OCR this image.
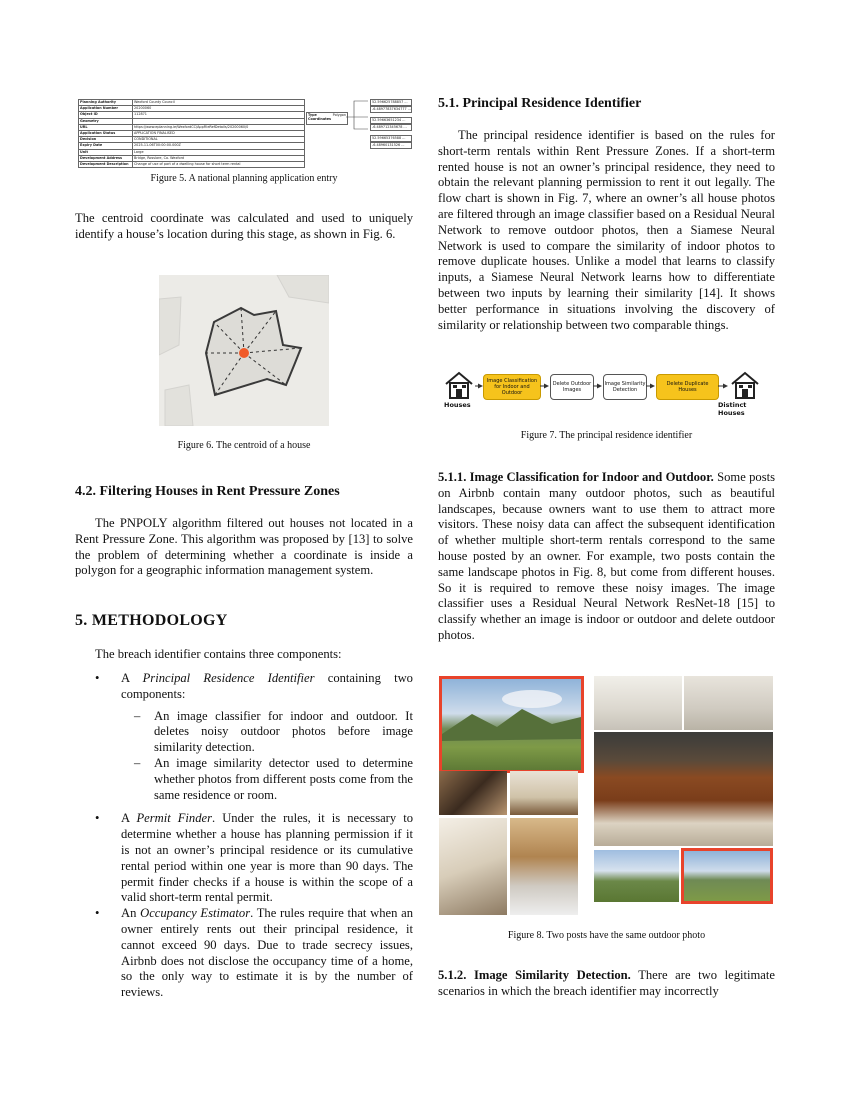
Planning Authority	Wexford County Council
Application Number	20200060
Object ID	112871
Geometry
URL	https://www.eplanning.ie/WexfordCC/AppFileRefDetails/20200060/0
Application Status	APPLICATION FINALISED
Decision	CONDITIONAL
Expiry Date	2025-11-06T00:00:00.000Z
Unit	Large
Development Address	Bridge, Rosslare, Co. Wexford
Development Description	Change of use of part of a dwelling house for short term rental
Type	Polygon
Coordinates
52.596625788857 ...
-6.48977837634777 ...
52.59663651234 ...
-6.489712345678 ...
52.59665376588 ...
-6.48960131526 ...
Figure 5. A national planning application entry

The centroid coordinate was calculated and used to uniquely identify a house’s location during this stage, as shown in Fig. 6.

Figure 6. The centroid of a house
4.2. Filtering Houses in Rent Pressure Zones

The PNPOLY algorithm filtered out houses not located in a Rent Pressure Zone. This algorithm was proposed by [13] to solve the problem of determining whether a coordinate is inside a polygon for a geographic information management system.

5. METHODOLOGY

The breach identifier contains three components:

• A Principal Residence Identifier containing two components:
– An image classifier for indoor and outdoor. It deletes noisy outdoor photos before image similarity detection.
– An image similarity detector used to determine whether photos from different posts come from the same residence or room.
• A Permit Finder. Under the rules, it is necessary to determine whether a house has planning permission if it is not an owner’s principal residence or its cumulative rental period within one year is more than 90 days. The permit finder checks if a house is within the scope of a valid short-term rental permit.
• An Occupancy Estimator. The rules require that when an owner entirely rents out their principal residence, it cannot exceed 90 days. Due to trade secrecy issues, Airbnb does not disclose the occupancy time of a home, so the only way to estimate it is by the number of reviews.
5.1. Principal Residence Identifier

The principal residence identifier is based on the rules for short-term rentals within Rent Pressure Zones. If a short-term rented house is not an owner’s principal residence, they need to obtain the relevant planning permission to rent it out legally. The flow chart is shown in Fig. 7, where an owner’s all house photos are filtered through an image classifier based on a Residual Neural Network to remove outdoor photos, then a Siamese Neural Network is used to compare the similarity of indoor photos to remove duplicate houses. Unlike a model that learns to classify inputs, a Siamese Neural Network learns how to differentiate between two inputs by learning their similarity [14]. It shows better performance in situations involving the discovery of similarity or relationship between two comparable things.

Houses
Image Classification for Indoor and Outdoor
Delete Outdoor Images
Image Similarity Detection
Delete Duplicate Houses
Distinct Houses
Figure 7. The principal residence identifier

5.1.1. Image Classification for Indoor and Outdoor. Some posts on Airbnb contain many outdoor photos, such as beautiful landscapes, because owners want to use them to attract more visitors. These noisy data can affect the subsequent identification of whether multiple short-term rentals correspond to the same house posted by an owner. For example, two posts contain the same landscape photos in Fig. 8, but come from different houses. So it is required to remove these noisy images. The image classifier uses a Residual Neural Network ResNet-18 [15] to classify whether an image is indoor or outdoor and delete outdoor photos.

Figure 8. Two posts have the same outdoor photo

5.1.2. Image Similarity Detection. There are two legitimate scenarios in which the breach identifier may incorrectly
